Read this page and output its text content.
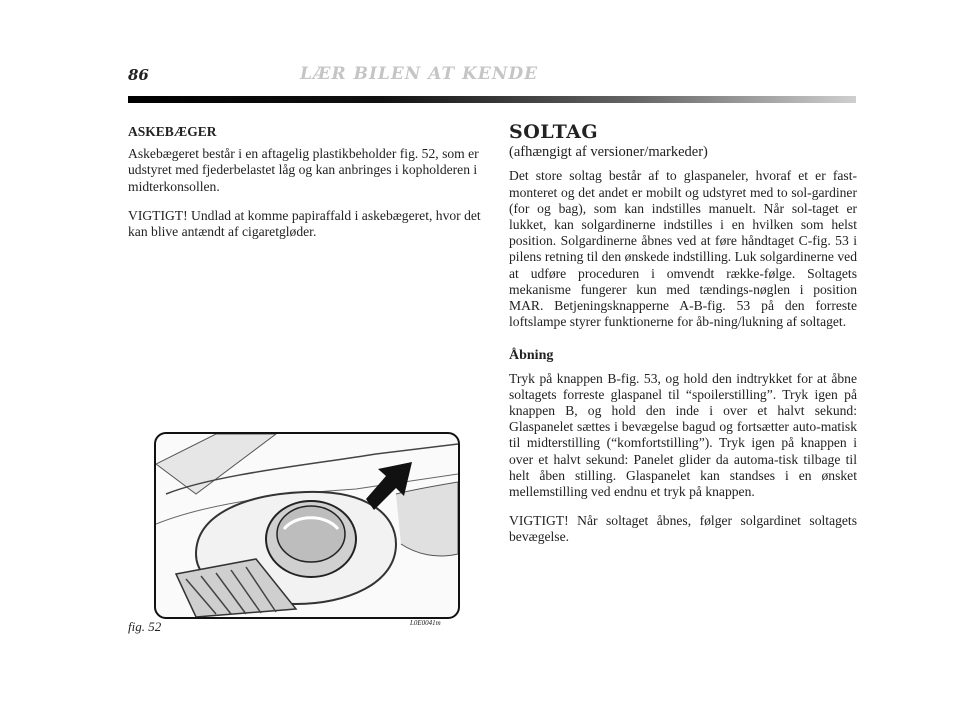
86	LÆR BILEN AT KENDE
ASKEBÆGER

Askebægeret består i en aftagelig plastikbeholder fig. 52, som er udstyret med fjederbelastet låg og kan anbringes i kopholderen i midterkonsollen.

VIGTIGT! Undlad at komme papiraffald i askebægeret, hvor det kan blive antændt af cigaretgløder.

SOLTAG
(afhængigt af versioner/markeder)

Det store soltag består af to glaspaneler, hvoraf et er fast-monteret og det andet er mobilt og udstyret med to sol-gardiner (for og bag), som kan indstilles manuelt. Når sol-taget er lukket, kan solgardinerne indstilles i en hvilken som helst position. Solgardinerne åbnes ved at føre håndtaget C-fig. 53 i pilens retning til den ønskede indstilling. Luk solgardinerne ved at udføre proceduren i omvendt række-følge. Soltagets mekanisme fungerer kun med tændings-nøglen i position MAR. Betjeningsknapperne A-B-fig. 53 på den forreste loftslampe styrer funktionerne for åb-ning/lukning af soltaget.

Åbning

Tryk på knappen B-fig. 53, og hold den indtrykket for at åbne soltagets forreste glaspanel til “spoilerstilling”. Tryk igen på knappen B, og hold den inde i over et halvt sekund: Glaspanelet sættes i bevægelse bagud og fortsætter auto-matisk til midterstilling (“komfortstilling”). Tryk igen på knappen i over et halvt sekund: Panelet glider da automa-tisk tilbage til helt åben stilling. Glaspanelet kan standses i en ønsket mellemstilling ved endnu et tryk på knappen.

VIGTIGT! Når soltaget åbnes, følger solgardinet soltagets bevægelse.

fig. 52	L0E0041m
